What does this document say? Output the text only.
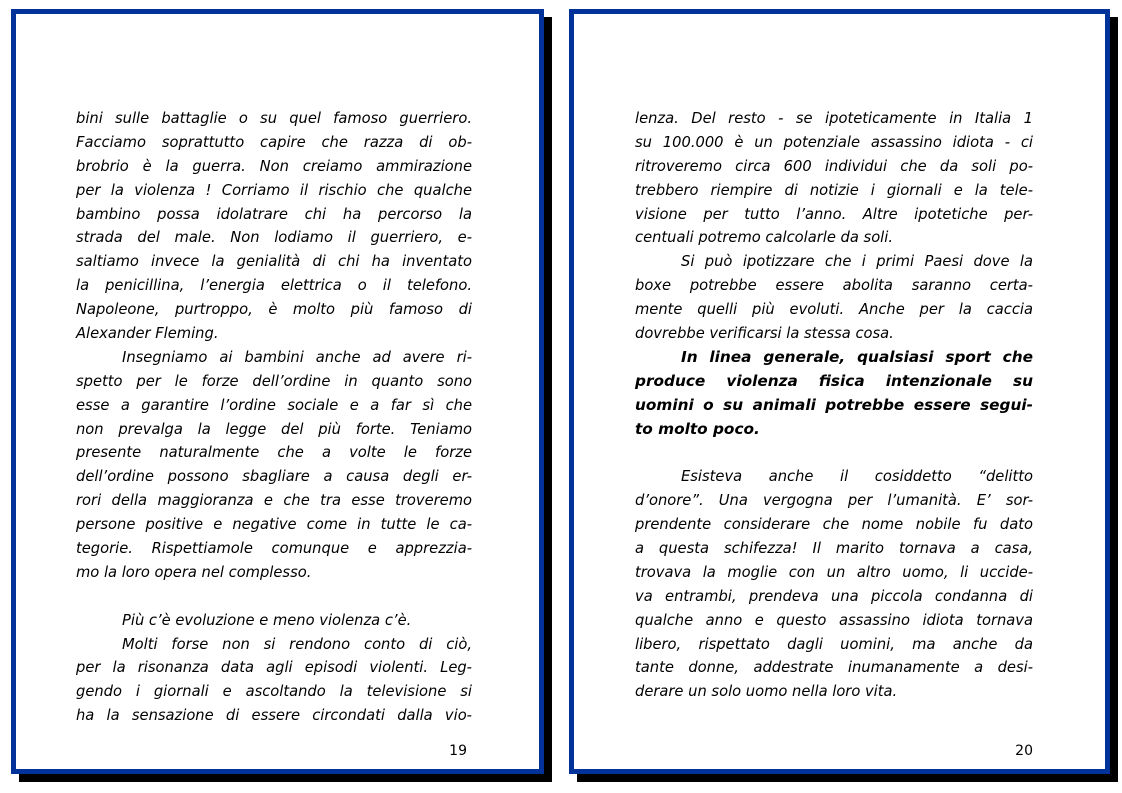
bini sulle battaglie o su quel famoso guerriero.
Facciamo soprattutto capire che razza di ob-
brobrio è la guerra. Non creiamo ammirazione
per la violenza ! Corriamo il rischio che qualche
bambino possa idolatrare chi ha percorso la
strada del male. Non lodiamo il guerriero, e-
saltiamo invece la genialità di chi ha inventato
la penicillina, l’energia elettrica o il telefono.
Napoleone, purtroppo, è molto più famoso di
Alexander Fleming.
Insegniamo ai bambini anche ad avere ri-
spetto per le forze dell’ordine in quanto sono
esse a garantire l’ordine sociale e a far sì che
non prevalga la legge del più forte. Teniamo
presente naturalmente che a volte le forze
dell’ordine possono sbagliare a causa degli er-
rori della maggioranza e che tra esse troveremo
persone positive e negative come in tutte le ca-
tegorie. Rispettiamole comunque e apprezzia-
mo la loro opera nel complesso.
Più c’è evoluzione e meno violenza c’è.
Molti forse non si rendono conto di ciò,
per la risonanza data agli episodi violenti. Leg-
gendo i giornali e ascoltando la televisione si
ha la sensazione di essere circondati dalla vio-
19
lenza. Del resto - se ipoteticamente in Italia 1
su 100.000 è un potenziale assassino idiota - ci
ritroveremo circa 600 individui che da soli po-
trebbero riempire di notizie i giornali e la tele-
visione per tutto l’anno. Altre ipotetiche per-
centuali potremo calcolarle da soli.
Si può ipotizzare che i primi Paesi dove la
boxe potrebbe essere abolita saranno certa-
mente quelli più evoluti. Anche per la caccia
dovrebbe verificarsi la stessa cosa.
In linea generale, qualsiasi sport che
produce violenza fisica intenzionale su
uomini o su animali potrebbe essere segui-
to molto poco.
Esisteva anche il cosiddetto “delitto
d’onore”. Una vergogna per l’umanità. E’ sor-
prendente considerare che nome nobile fu dato
a questa schifezza! Il marito tornava a casa,
trovava la moglie con un altro uomo, li uccide-
va entrambi, prendeva una piccola condanna di
qualche anno e questo assassino idiota tornava
libero, rispettato dagli uomini, ma anche da
tante donne, addestrate inumanamente a desi-
derare un solo uomo nella loro vita.
20
